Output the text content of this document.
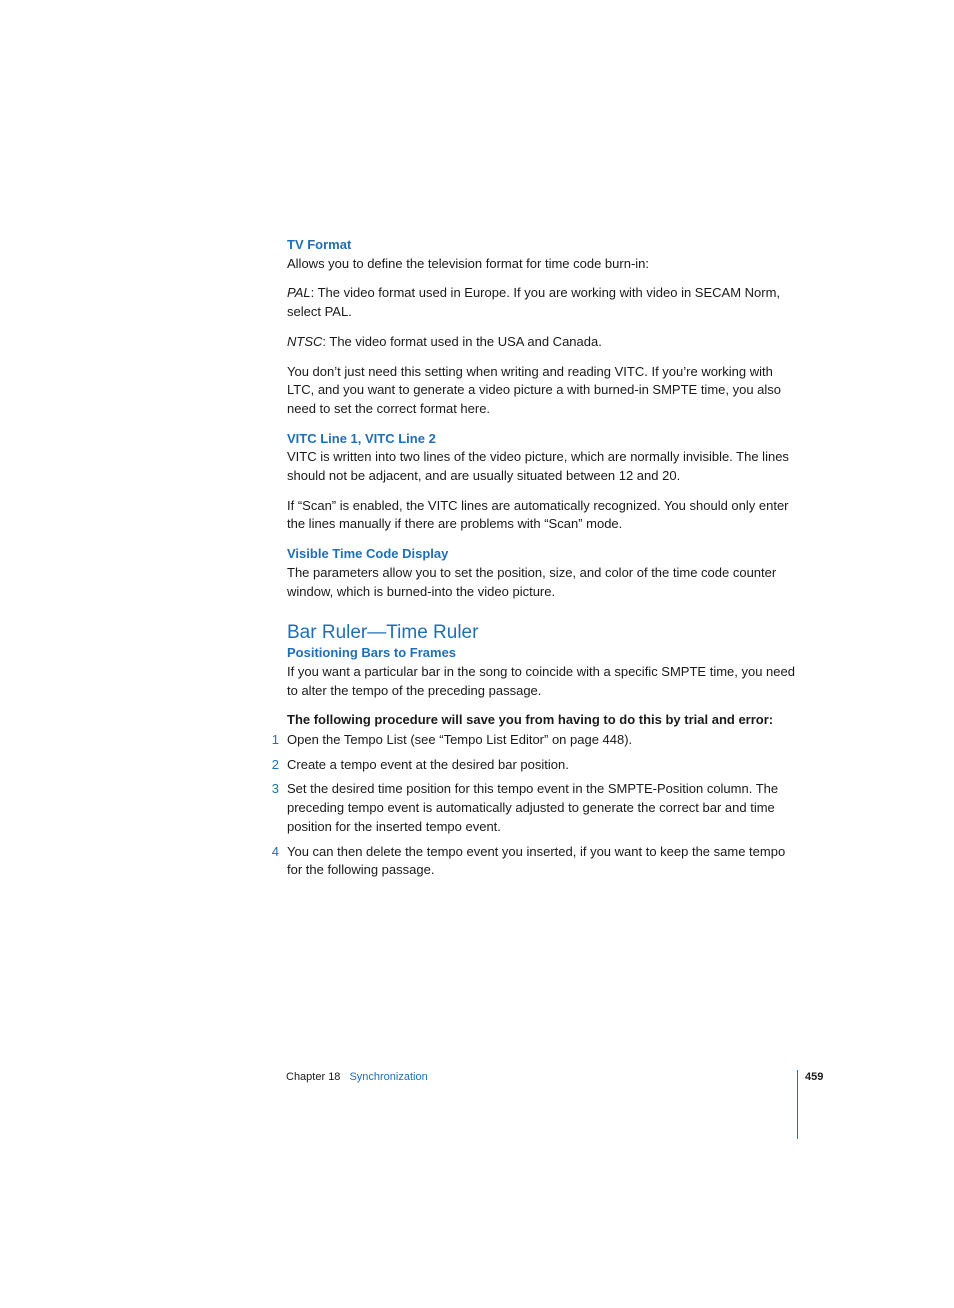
TV Format

Allows you to define the television format for time code burn-in:

PAL: The video format used in Europe. If you are working with video in SECAM Norm, select PAL.

NTSC: The video format used in the USA and Canada.

You don’t just need this setting when writing and reading VITC. If you’re working with LTC, and you want to generate a video picture a with burned-in SMPTE time, you also need to set the correct format here.

VITC Line 1, VITC Line 2

VITC is written into two lines of the video picture, which are normally invisible. The lines should not be adjacent, and are usually situated between 12 and 20.

If “Scan” is enabled, the VITC lines are automatically recognized. You should only enter the lines manually if there are problems with “Scan” mode.

Visible Time Code Display

The parameters allow you to set the position, size, and color of the time code counter window, which is burned-into the video picture.

Bar Ruler—Time Ruler
Positioning Bars to Frames

If you want a particular bar in the song to coincide with a specific SMPTE time, you need to alter the tempo of the preceding passage.

The following procedure will save you from having to do this by trial and error:

1 Open the Tempo List (see “Tempo List Editor” on page 448).
2 Create a tempo event at the desired bar position.
3 Set the desired time position for this tempo event in the SMPTE-Position column. The preceding tempo event is automatically adjusted to generate the correct bar and time position for the inserted tempo event.
4 You can then delete the tempo event you inserted, if you want to keep the same tempo for the following passage.
Chapter 18 Synchronization	459
